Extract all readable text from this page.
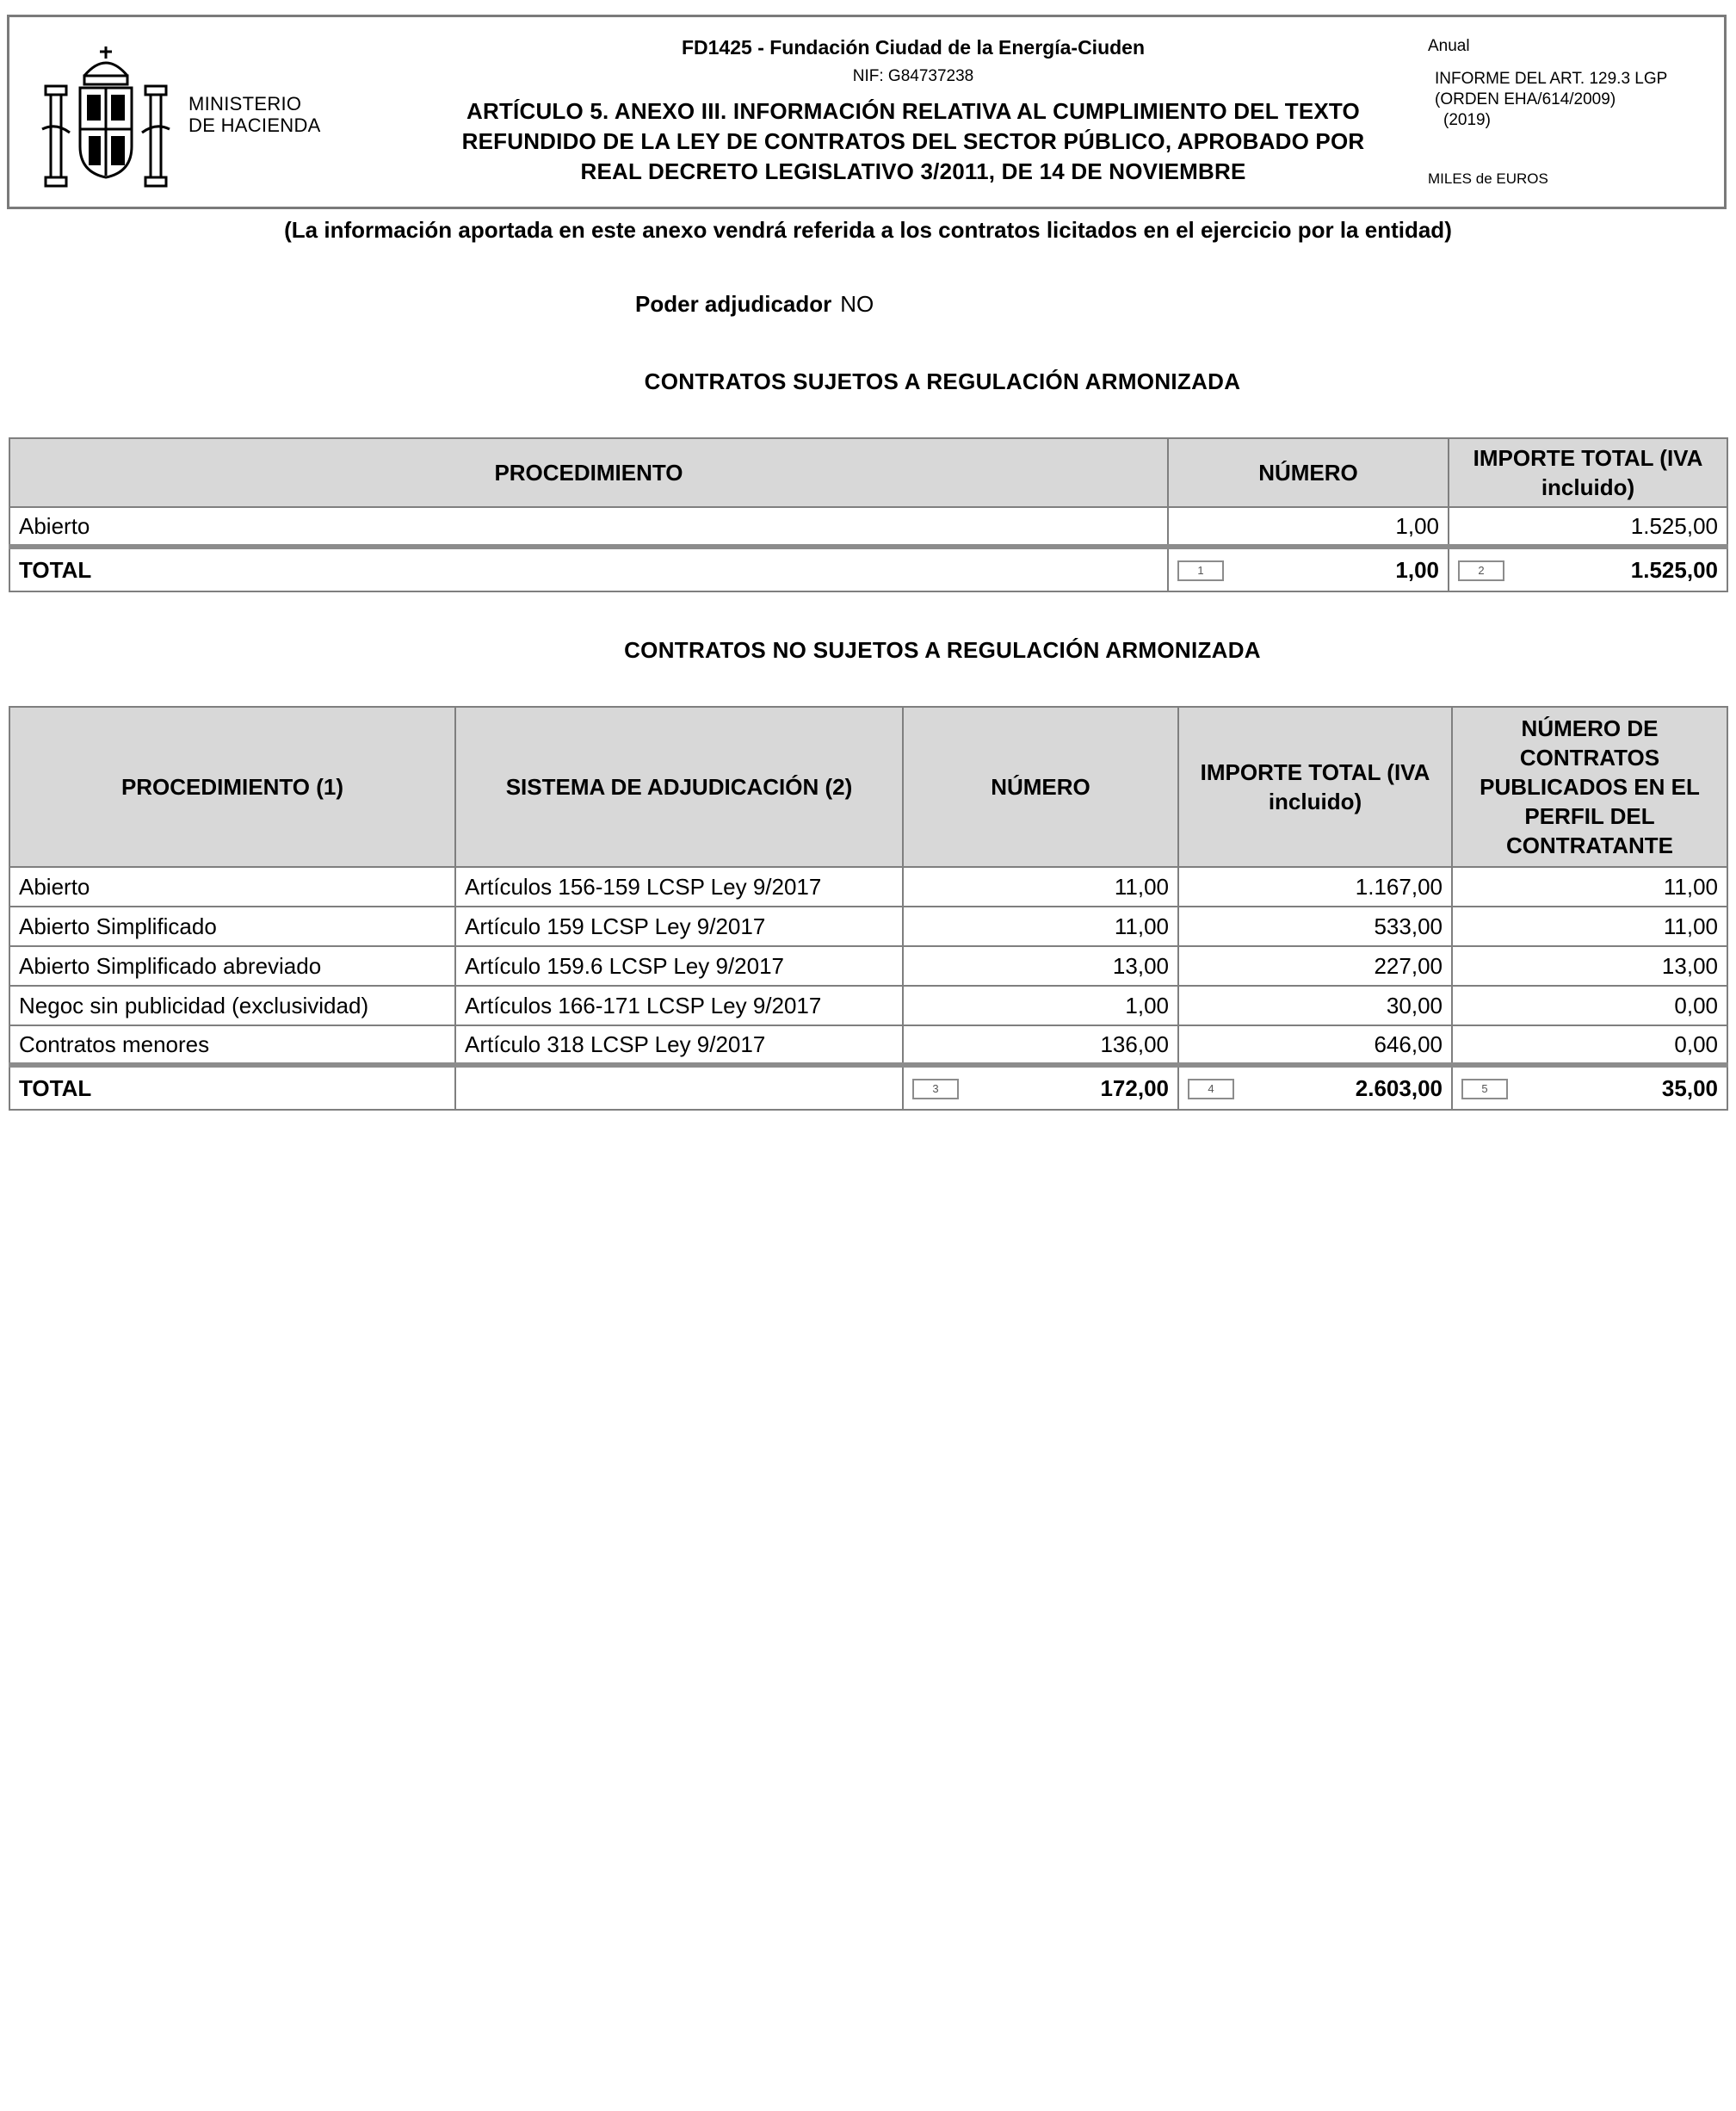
MINISTERIO
DE HACIENDA
FD1425 - Fundación Ciudad de la Energía-Ciuden
NIF: G84737238
ARTÍCULO 5. ANEXO III. INFORMACIÓN RELATIVA AL CUMPLIMIENTO DEL TEXTO
REFUNDIDO DE LA LEY DE CONTRATOS DEL SECTOR PÚBLICO, APROBADO POR
REAL DECRETO LEGISLATIVO 3/2011, DE 14 DE NOVIEMBRE
Anual
INFORME DEL ART. 129.3 LGP
(ORDEN EHA/614/2009)
(2019)
MILES de EUROS
(La información aportada en este anexo vendrá referida a los contratos licitados en el ejercicio por la entidad)
Poder adjudicador NO
CONTRATOS SUJETOS A REGULACIÓN ARMONIZADA
PROCEDIMIENTO	NÚMERO	IMPORTE TOTAL (IVA incluido)
Abierto	1,00	1.525,00
TOTAL	1 1,00	2 1.525,00
CONTRATOS NO SUJETOS A REGULACIÓN ARMONIZADA
PROCEDIMIENTO (1)	SISTEMA DE ADJUDICACIÓN (2)	NÚMERO	IMPORTE TOTAL (IVA incluido)	NÚMERO DE CONTRATOS PUBLICADOS EN EL PERFIL DEL CONTRATANTE
Abierto	Artículos 156-159 LCSP Ley 9/2017	11,00	1.167,00	11,00
Abierto Simplificado	Artículo 159 LCSP Ley 9/2017	11,00	533,00	11,00
Abierto Simplificado abreviado	Artículo 159.6 LCSP Ley 9/2017	13,00	227,00	13,00
Negoc sin publicidad (exclusividad)	Artículos 166-171 LCSP Ley 9/2017	1,00	30,00	0,00
Contratos menores	Artículo 318 LCSP Ley 9/2017	136,00	646,00	0,00
TOTAL		3 172,00	4 2.603,00	5 35,00
